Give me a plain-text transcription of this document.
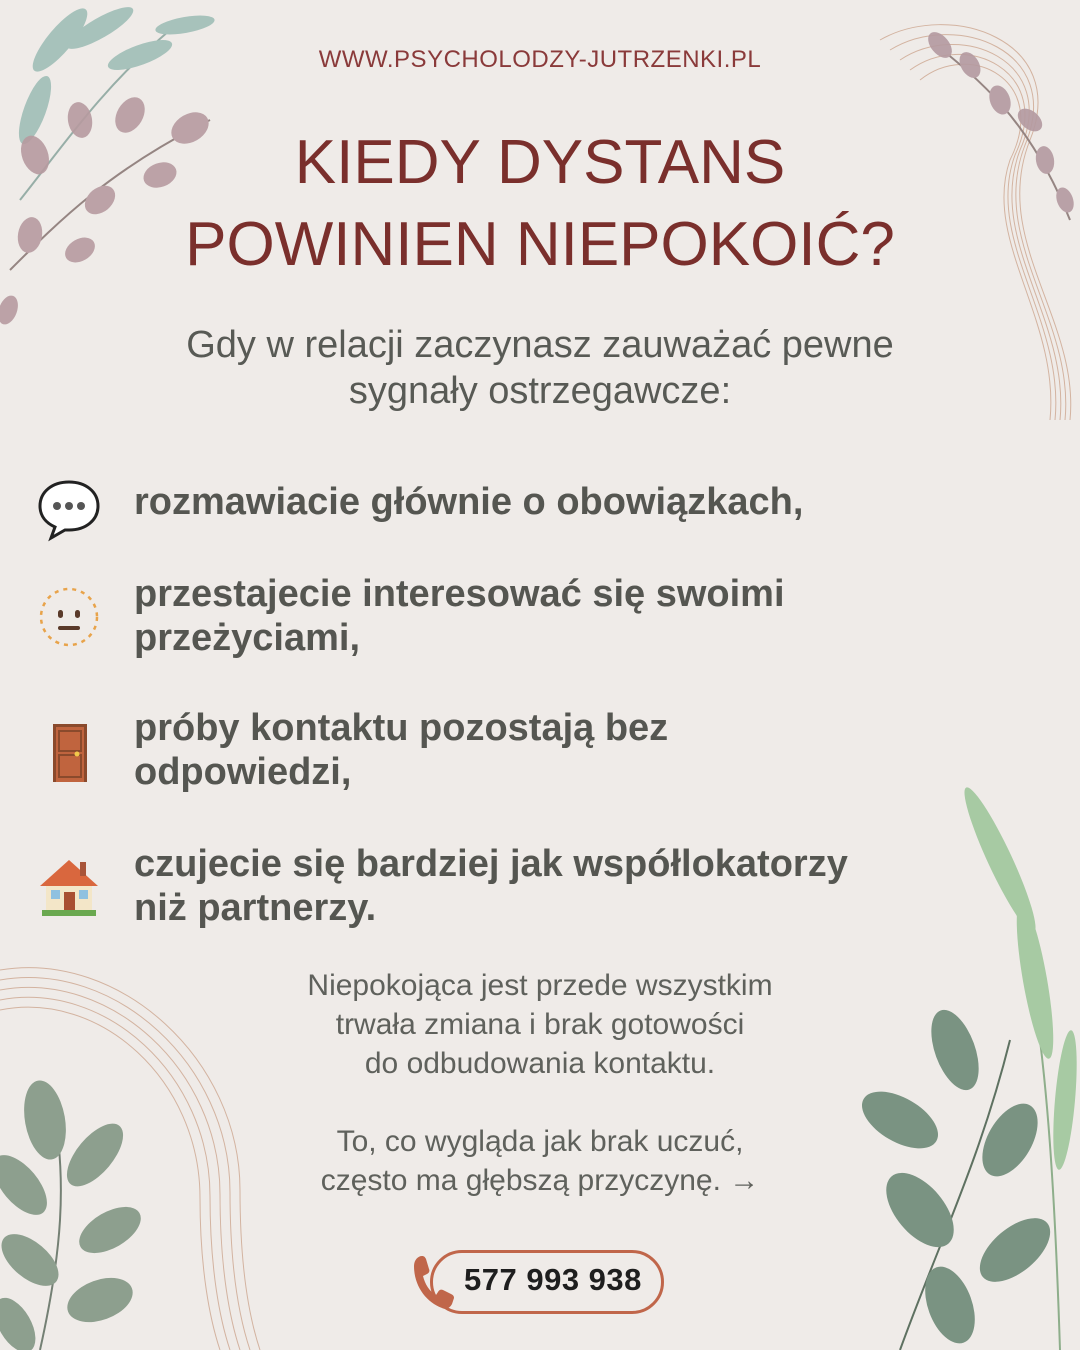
WWW.PSYCHOLODZY-JUTRZENKI.PL
KIEDY DYSTANS
POWINIEN NIEPOKOIĆ?
Gdy w relacji zaczynasz zauważać pewne
sygnały ostrzegawcze:
rozmawiacie głównie o obowiązkach,
przestajecie interesować się swoimi
przeżyciami,
próby kontaktu pozostają bez
odpowiedzi,
czujecie się bardziej jak współlokatorzy
niż partnerzy.
Niepokojąca jest przede wszystkim
trwała zmiana i brak gotowości
do odbudowania kontaktu.
To, co wygląda jak brak uczuć,
często ma głębszą przyczynę. →
577 993 938
